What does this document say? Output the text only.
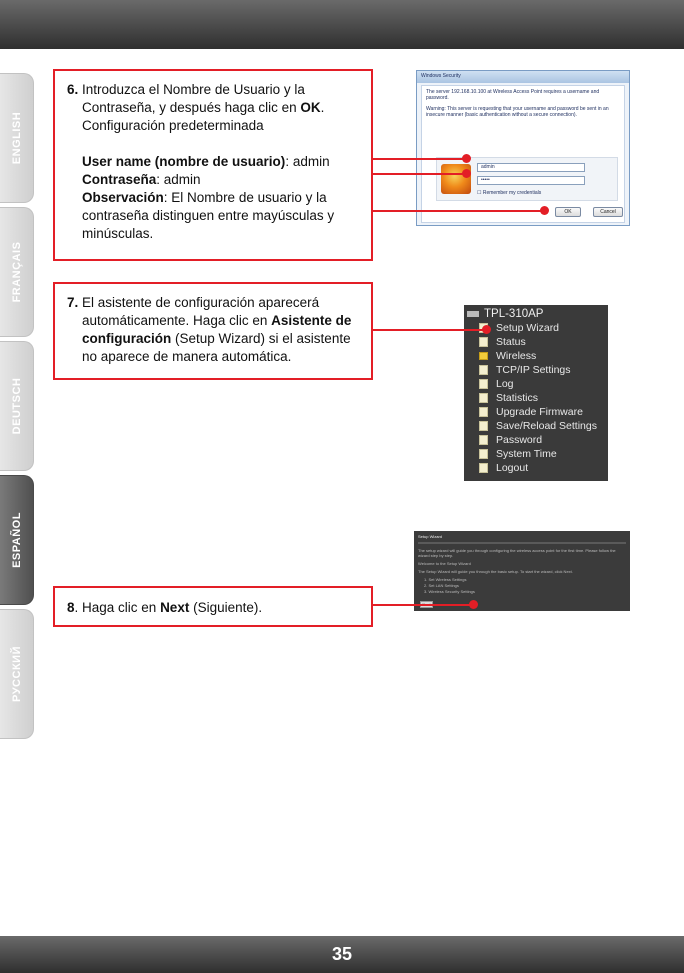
ENGLISH
FRANÇAIS
DEUTSCH
ESPAÑOL
РУССКИЙ

6. Introduzca el Nombre de Usuario y la

Contraseña, y después haga clic en OK.

Configuración predeterminada

User name (nombre de usuario): admin

Contraseña: admin

Observación: El Nombre de usuario y la

contraseña distinguen entre mayúsculas y

minúsculas.

7. El asistente de configuración aparecerá

automáticamente. Haga clic en Asistente de

configuración (Setup Wizard) si el asistente

no aparece de manera automática.

8. Haga clic en Next (Siguiente).

Windows Security

The server 192.168.10.100 at Wireless Access Point requires a username and password.

Warning: This server is requesting that your username and password be sent in an insecure manner (basic authentication without a secure connection).

admin
•••••
☐ Remember my credentials
OK	Cancel
TPL-310AP
Setup Wizard
Status
Wireless
TCP/IP Settings
Log
Statistics
Upgrade Firmware
Save/Reload Settings
Password
System Time
Logout

Setup Wizard

The setup wizard will guide you through configuring the wireless access point for the first time. Please follow the wizard step by step.

Welcome to the Setup Wizard

The Setup Wizard will guide you through the basic setup. To start the wizard, click Next.

1. Set Wireless Settings

2. Set LAN Settings

3. Wireless Security Settings

35
